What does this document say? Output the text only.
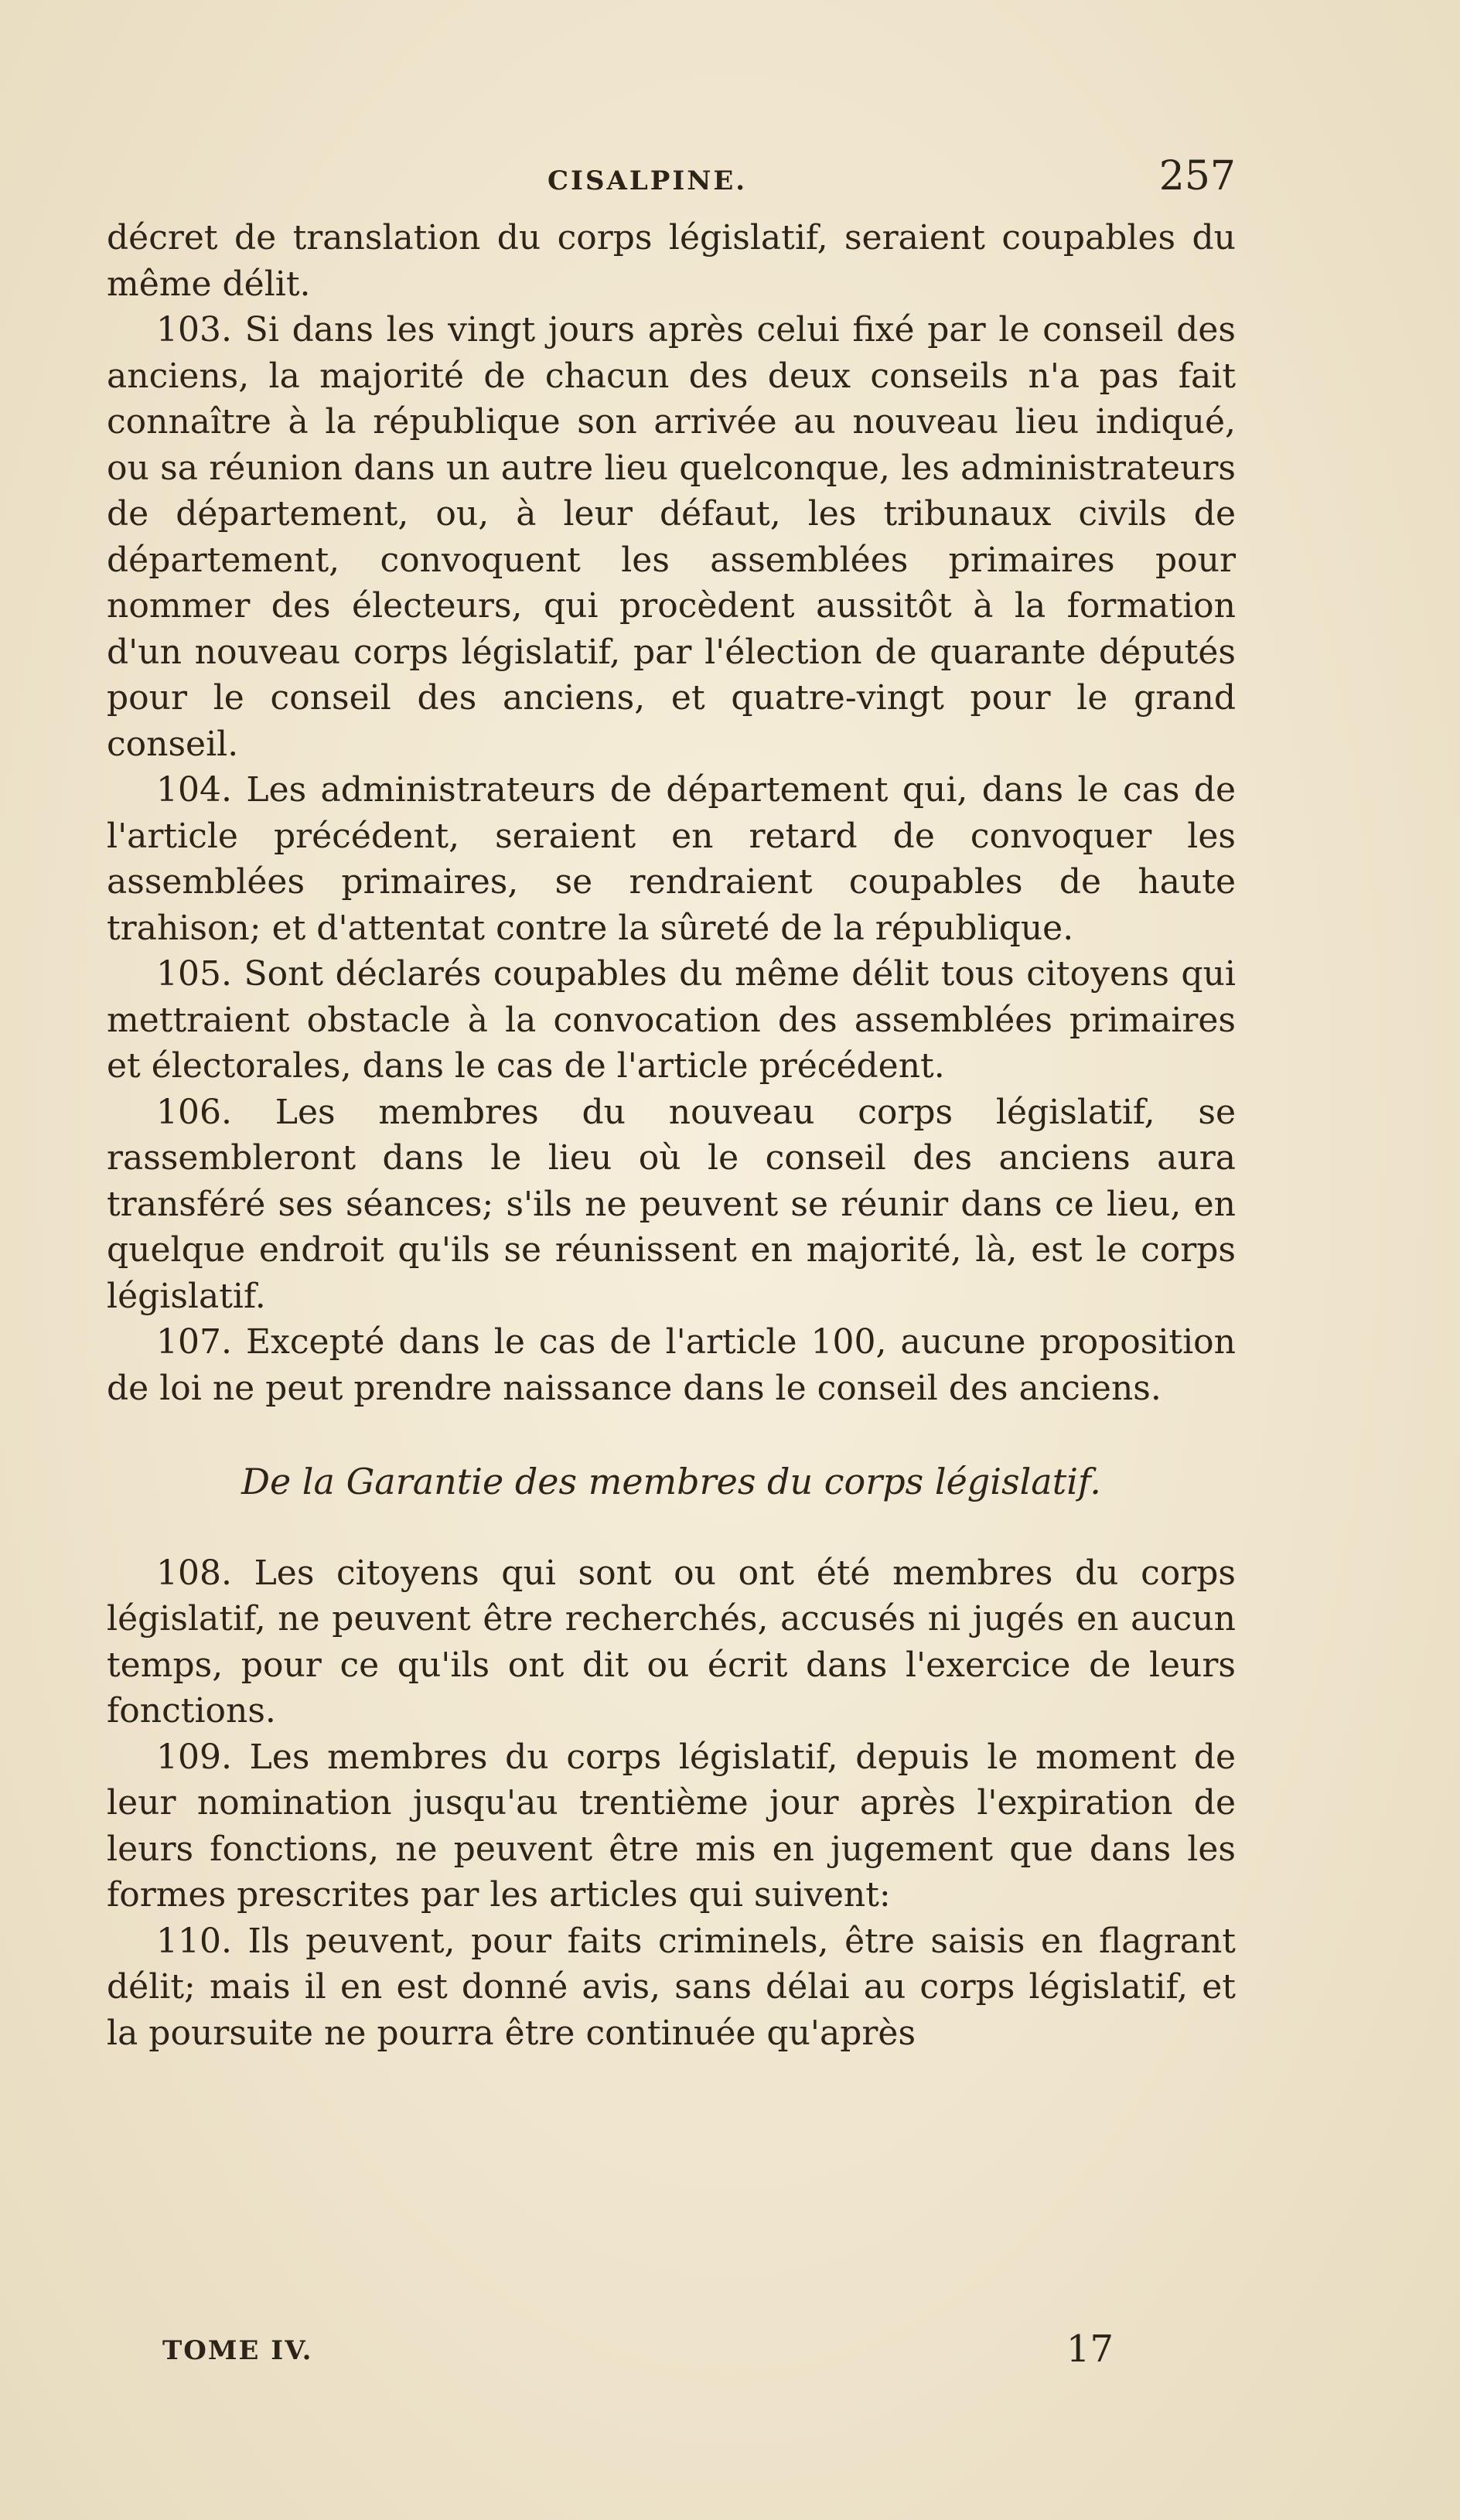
CISALPINE.	257

décret de translation du corps législatif, seraient coupables du même délit.

103. Si dans les vingt jours après celui fixé par le conseil des anciens, la majorité de chacun des deux conseils n'a pas fait connaître à la république son arrivée au nouveau lieu indiqué, ou sa réunion dans un autre lieu quelconque, les administrateurs de département, ou, à leur défaut, les tribunaux civils de département, convoquent les assemblées primaires pour nommer des électeurs, qui procèdent aussitôt à la formation d'un nouveau corps législatif, par l'élection de quarante députés pour le conseil des anciens, et quatre-vingt pour le grand conseil.

104. Les administrateurs de département qui, dans le cas de l'article précédent, seraient en retard de convoquer les assemblées primaires, se rendraient coupables de haute trahison; et d'attentat contre la sûreté de la république.

105. Sont déclarés coupables du même délit tous citoyens qui mettraient obstacle à la convocation des assemblées primaires et électorales, dans le cas de l'article précédent.

106. Les membres du nouveau corps législatif, se rassembleront dans le lieu où le conseil des anciens aura transféré ses séances; s'ils ne peuvent se réunir dans ce lieu, en quelque endroit qu'ils se réunissent en majorité, là, est le corps législatif.

107. Excepté dans le cas de l'article 100, aucune proposition de loi ne peut prendre naissance dans le conseil des anciens.

De la Garantie des membres du corps législatif.

108. Les citoyens qui sont ou ont été membres du corps législatif, ne peuvent être recherchés, accusés ni jugés en aucun temps, pour ce qu'ils ont dit ou écrit dans l'exercice de leurs fonctions.

109. Les membres du corps législatif, depuis le moment de leur nomination jusqu'au trentième jour après l'expiration de leurs fonctions, ne peuvent être mis en jugement que dans les formes prescrites par les articles qui suivent:

110. Ils peuvent, pour faits criminels, être saisis en flagrant délit; mais il en est donné avis, sans délai au corps législatif, et la poursuite ne pourra être continuée qu'après

TOME IV.	17
